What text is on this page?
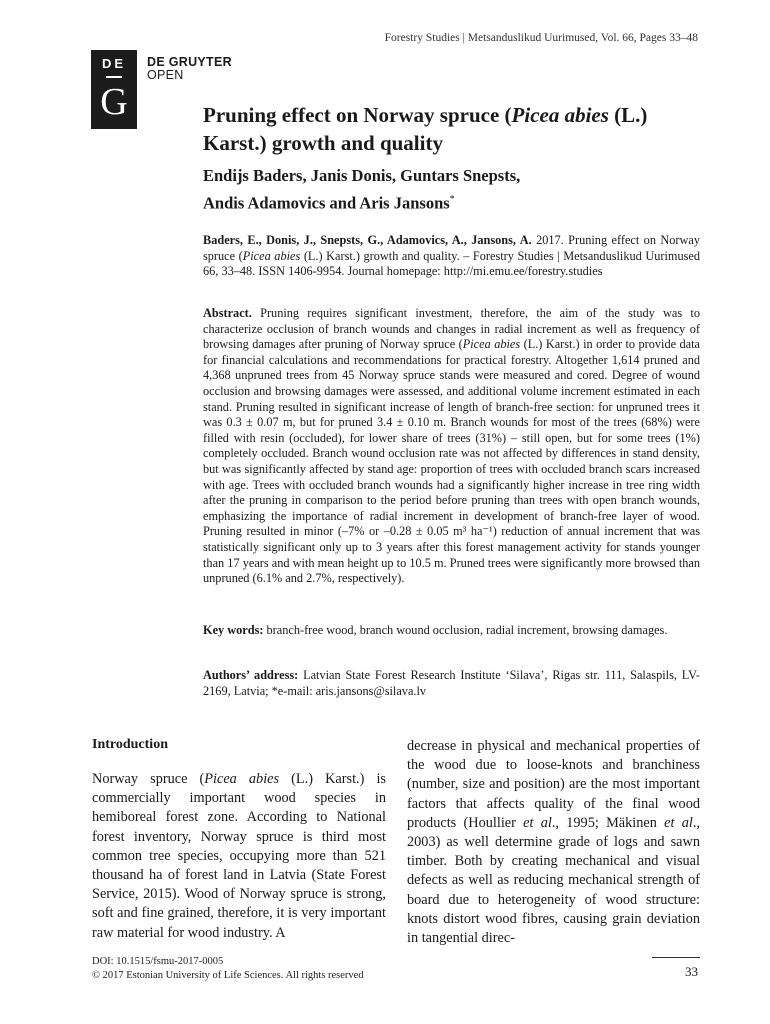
Forestry Studies | Metsanduslikud Uurimused, Vol. 66, Pages 33–48
DE
G
DE GRUYTER
OPEN
Pruning effect on Norway spruce (Picea abies (L.) Karst.) growth and quality
Endijs Baders, Janis Donis, Guntars Snepsts,
Andis Adamovics and Aris Jansons*
Baders, E., Donis, J., Snepsts, G., Adamovics, A., Jansons, A. 2017. Pruning effect on Norway spruce (Picea abies (L.) Karst.) growth and quality. – Forestry Studies | Metsanduslikud Uurimused 66, 33–48. ISSN 1406-9954. Journal homepage: http://mi.emu.ee/forestry.studies
Abstract. Pruning requires significant investment, therefore, the aim of the study was to characterize occlusion of branch wounds and changes in radial increment as well as frequency of browsing damages after pruning of Norway spruce (Picea abies (L.) Karst.) in order to provide data for financial calculations and recommendations for practical forestry. Altogether 1,614 pruned and 4,368 unpruned trees from 45 Norway spruce stands were measured and cored. Degree of wound occlusion and browsing damages were assessed, and additional volume increment estimated in each stand. Pruning resulted in significant increase of length of branch-free section: for unpruned trees it was 0.3 ± 0.07 m, but for pruned 3.4 ± 0.10 m. Branch wounds for most of the trees (68%) were filled with resin (occluded), for lower share of trees (31%) – still open, but for some trees (1%) completely occluded. Branch wound occlusion rate was not affected by differences in stand density, but was significantly affected by stand age: proportion of trees with occluded branch scars increased with age. Trees with occluded branch wounds had a significantly higher increase in tree ring width after the pruning in comparison to the period before pruning than trees with open branch wounds, emphasizing the importance of radial increment in development of branch-free layer of wood. Pruning resulted in minor (–7% or –0.28 ± 0.05 m³ ha⁻¹) reduction of annual increment that was statistically significant only up to 3 years after this forest management activity for stands younger than 17 years and with mean height up to 10.5 m. Pruned trees were significantly more browsed than unpruned (6.1% and 2.7%, respectively).
Key words: branch-free wood, branch wound occlusion, radial increment, browsing damages.
Authors’ address: Latvian State Forest Research Institute ‘Silava’, Rigas str. 111, Salaspils, LV-2169, Latvia; *e-mail: aris.jansons@silava.lv
Introduction
Norway spruce (Picea abies (L.) Karst.) is commercially important wood species in hemiboreal forest zone. According to National forest inventory, Norway spruce is third most common tree species, occupying more than 521 thousand ha of forest land in Latvia (State Forest Service, 2015). Wood of Norway spruce is strong, soft and fine grained, therefore, it is very important raw material for wood industry. A
decrease in physical and mechanical properties of the wood due to loose-knots and branchiness (number, size and position) are the most important factors that affects quality of the final wood products (Houllier et al., 1995; Mäkinen et al., 2003) as well determine grade of logs and sawn timber. Both by creating mechanical and visual defects as well as reducing mechanical strength of board due to heterogeneity of wood structure: knots distort wood fibres, causing grain deviation in tangential direc-
DOI: 10.1515/fsmu-2017-0005
© 2017 Estonian University of Life Sciences. All rights reserved	33
